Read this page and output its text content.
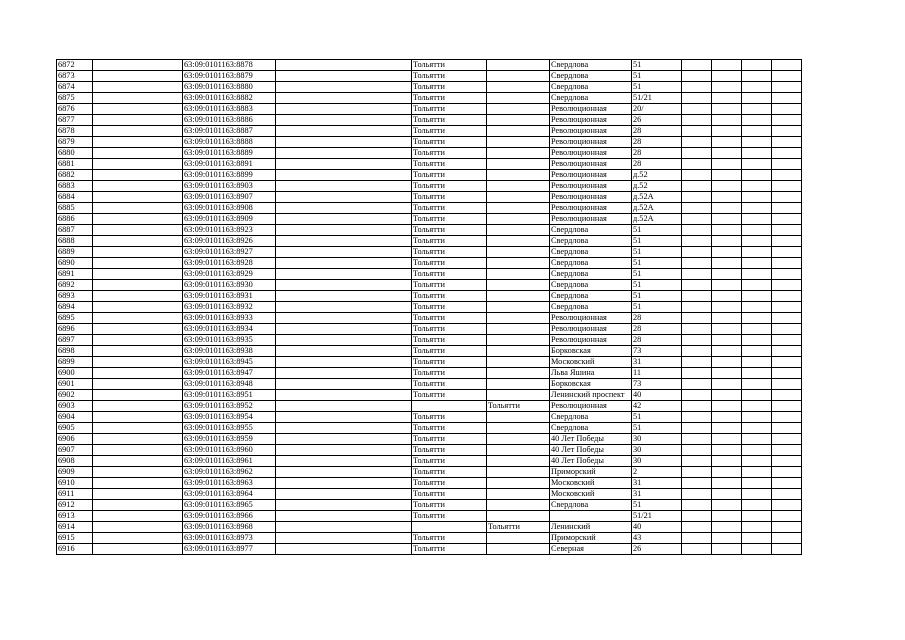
6872		63:09:0101163:8878		Тольятти		Свердлова	51				
6873		63:09:0101163:8879		Тольятти		Свердлова	51				
6874		63:09:0101163:8880		Тольятти		Свердлова	51				
6875		63:09:0101163:8882		Тольятти		Свердлова	51/21				
6876		63:09:0101163:8883		Тольятти		Революционная	20/				
6877		63:09:0101163:8886		Тольятти		Революционная	26				
6878		63:09:0101163:8887		Тольятти		Революционная	28				
6879		63:09:0101163:8888		Тольятти		Революционная	28				
6880		63:09:0101163:8889		Тольятти		Революционная	28				
6881		63:09:0101163:8891		Тольятти		Революционная	28				
6882		63:09:0101163:8899		Тольятти		Революционная	д.52				
6883		63:09:0101163:8903		Тольятти		Революционная	д.52				
6884		63:09:0101163:8907		Тольятти		Революционная	д.52А				
6885		63:09:0101163:8908		Тольятти		Революционная	д.52А				
6886		63:09:0101163:8909		Тольятти		Революционная	д.52А				
6887		63:09:0101163:8923		Тольятти		Свердлова	51				
6888		63:09:0101163:8926		Тольятти		Свердлова	51				
6889		63:09:0101163:8927		Тольятти		Свердлова	51				
6890		63:09:0101163:8928		Тольятти		Свердлова	51				
6891		63:09:0101163:8929		Тольятти		Свердлова	51				
6892		63:09:0101163:8930		Тольятти		Свердлова	51				
6893		63:09:0101163:8931		Тольятти		Свердлова	51				
6894		63:09:0101163:8932		Тольятти		Свердлова	51				
6895		63:09:0101163:8933		Тольятти		Революционная	28				
6896		63:09:0101163:8934		Тольятти		Революционная	28				
6897		63:09:0101163:8935		Тольятти		Революционная	28				
6898		63:09:0101163:8938		Тольятти		Борковская	73				
6899		63:09:0101163:8945		Тольятти		Московский	31				
6900		63:09:0101163:8947		Тольятти		Льва Яшина	11				
6901		63:09:0101163:8948		Тольятти		Борковская	73				
6902		63:09:0101163:8951		Тольятти		Ленинский проспект	40				
6903		63:09:0101163:8952			Тольятти	Революционная	42				
6904		63:09:0101163:8954		Тольятти		Свердлова	51				
6905		63:09:0101163:8955		Тольятти		Свердлова	51				
6906		63:09:0101163:8959		Тольятти		40 Лет Победы	30				
6907		63:09:0101163:8960		Тольятти		40 Лет Победы	30				
6908		63:09:0101163:8961		Тольятти		40 Лет Победы	30				
6909		63:09:0101163:8962		Тольятти		Приморский	2				
6910		63:09:0101163:8963		Тольятти		Московский	31				
6911		63:09:0101163:8964		Тольятти		Московский	31				
6912		63:09:0101163:8965		Тольятти		Свердлова	51				
6913		63:09:0101163:8966		Тольятти			51/21				
6914		63:09:0101163:8968			Тольятти	Ленинский	40				
6915		63:09:0101163:8973		Тольятти		Приморский	43				
6916		63:09:0101163:8977		Тольятти		Северная	26				
